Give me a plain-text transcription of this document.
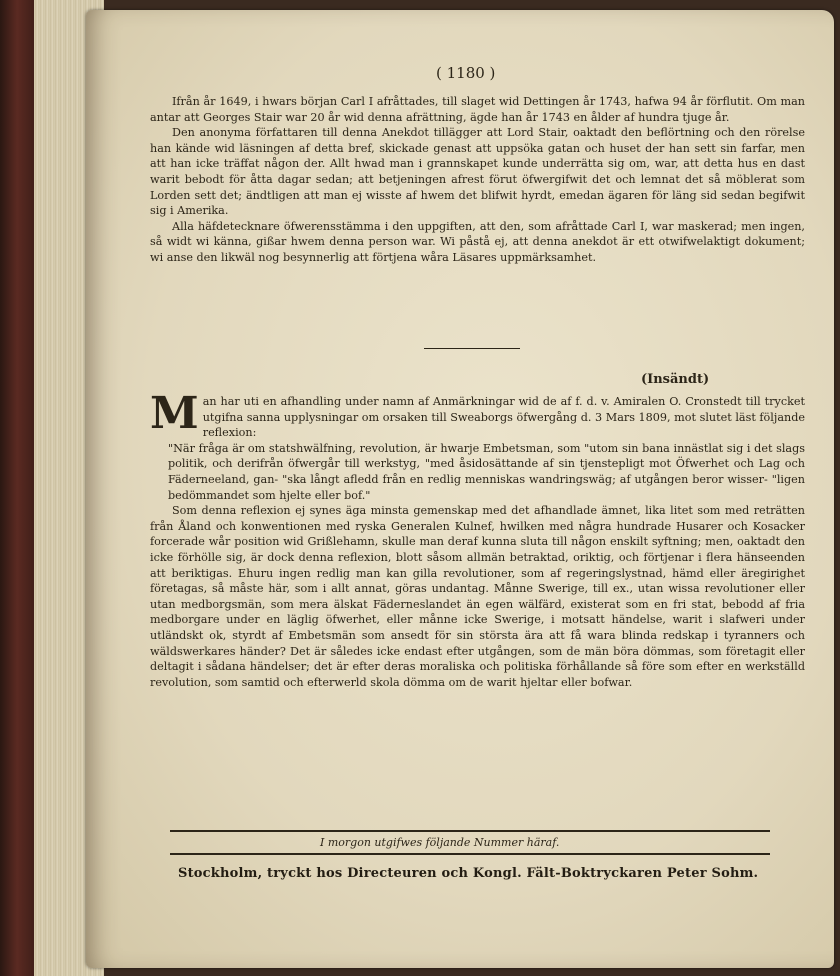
( 1180 )

Ifrån år 1649, i hwars början Carl I afråttades, till slaget wid Dettingen år 1743, hafwa 94 år förflutit. Om man antar att Georges Stair war 20 år wid denna afrättning, ägde han år 1743 en ålder af hundra tjuge år.

Den anonyma författaren till denna Anekdot tillägger att Lord Stair, oaktadt den beflörtning och den rörelse han kände wid läsningen af detta bref, skickade genast att uppsöka gatan och huset der han sett sin farfar, men att han icke träffat någon der. Allt hwad man i grannskapet kunde underrätta sig om, war, att detta hus en dast warit bebodt för åtta dagar sedan; att betjeningen afrest förut öfwergifwit det och lemnat det så möblerat som Lorden sett det; ändtligen att man ej wisste af hwem det blifwit hyrdt, emedan ägaren för läng sid sedan begifwit sig i Amerika.

Alla häfdetecknare öfwerensstämma i den uppgiften, att den, som afråttade Carl I, war maskerad; men ingen, så widt wi känna, gißar hwem denna person war. Wi påstå ej, att denna anekdot är ett otwifwelaktigt dokument; wi anse den likwäl nog besynnerlig att förtjena wåra Läsares uppmärksamhet.

(Insändt)

Man har uti en afhandling under namn af Anmärkningar wid de af f. d. v. Amiralen O. Cronstedt till trycket utgifna sanna upplysningar om orsaken till Sweaborgs öfwergång d. 3 Mars 1809, mot slutet läst följande reflexion:

"När fråga är om statshwälfning, revolution, är hwarje Embetsman, som "utom sin bana innästlat sig i det slags politik, och derifrån öfwergår till werkstyg, "med åsidosättande af sin tjenstepligt mot Öfwerhet och Lag och Fäderneeland, gan- "ska långt afledd från en redlig menniskas wandringswäg; af utgången beror wisser- "ligen bedömmandet som hjelte eller bof."

Som denna reflexion ej synes äga minsta gemenskap med det afhandlade ämnet, lika litet som med reträtten från Åland och konwentionen med ryska Generalen Kulnef, hwilken med några hundrade Husarer och Kosacker forcerade wår position wid Grißlehamn, skulle man deraf kunna sluta till någon enskilt syftning; men, oaktadt den icke förhölle sig, är dock denna reflexion, blott såsom allmän betraktad, oriktig, och förtjenar i flera hänseenden att beriktigas. Ehuru ingen redlig man kan gilla revolutioner, som af regeringslystnad, hämd eller äregirighet företagas, så måste här, som i allt annat, göras undantag. Månne Swerige, till ex., utan wissa revolutioner eller utan medborgsmän, som mera älskat Fäderneslandet än egen wälfärd, existerat som en fri stat, bebodd af fria medborgare under en läglig öfwerhet, eller månne icke Swerige, i motsatt händelse, warit i slafweri under utländskt ok, styrdt af Embetsmän som ansedt för sin största ära att få wara blinda redskap i tyranners och wäldswerkares händer? Det är således icke endast efter utgången, som de män böra dömmas, som företagit eller deltagit i sådana händelser; det är efter deras moraliska och politiska förhållande så före som efter en werkställd revolution, som samtid och efterwerld skola dömma om de warit hjeltar eller bofwar.

I morgon utgifwes följande Nummer häraf.
Stockholm, tryckt hos Directeuren och Kongl. Fält-Boktryckaren Peter Sohm.
